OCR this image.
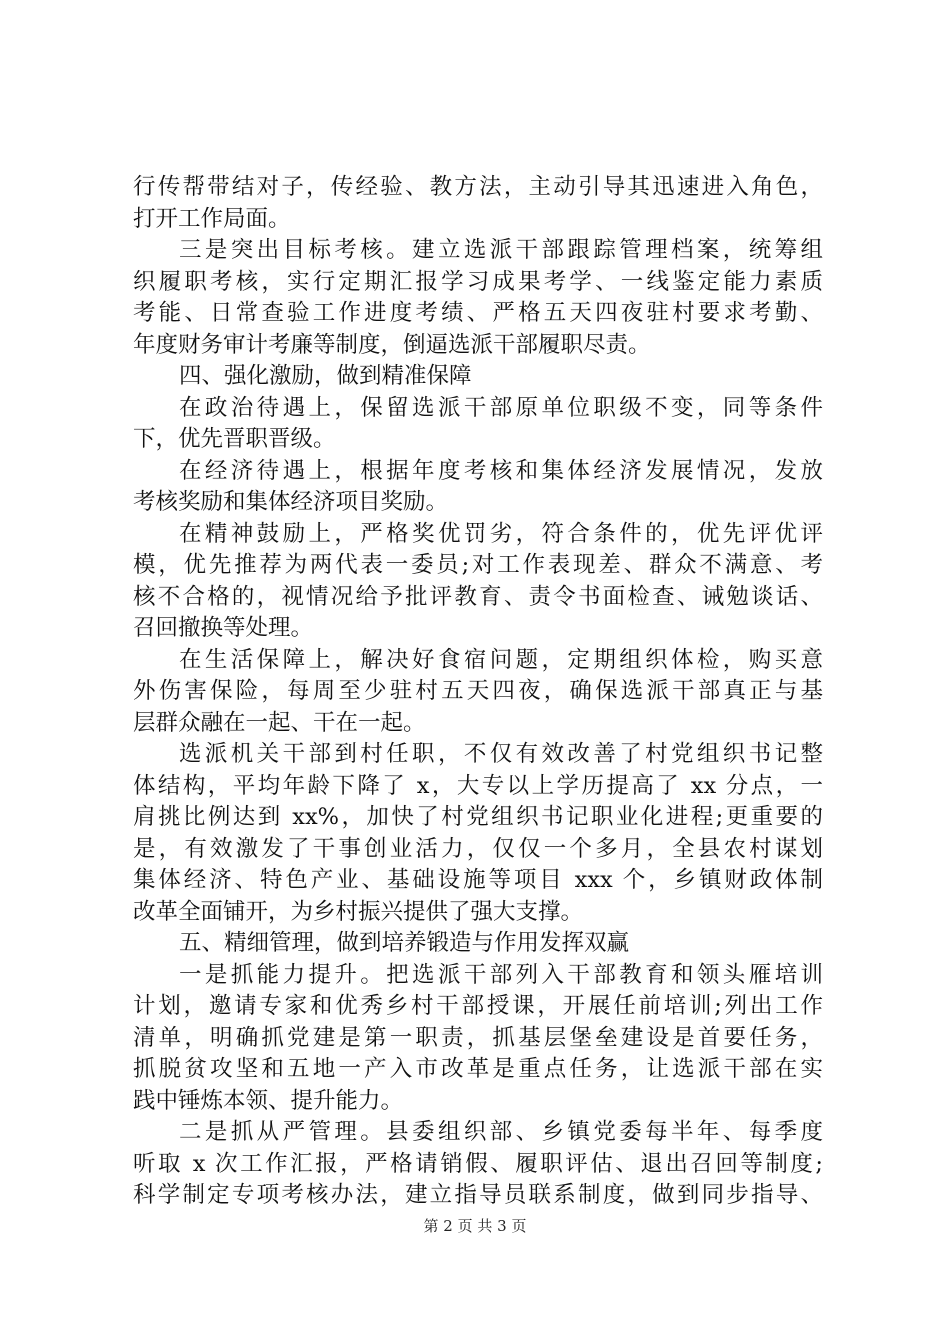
行传帮带结对子，传经验、教方法，主动引导其迅速进入角色，
打开工作局面。
三是突出目标考核。建立选派干部跟踪管理档案，统筹组
织履职考核，实行定期汇报学习成果考学、一线鉴定能力素质
考能、日常查验工作进度考绩、严格五天四夜驻村要求考勤、
年度财务审计考廉等制度，倒逼选派干部履职尽责。
四、强化激励，做到精准保障
在政治待遇上，保留选派干部原单位职级不变，同等条件
下，优先晋职晋级。
在经济待遇上，根据年度考核和集体经济发展情况，发放
考核奖励和集体经济项目奖励。
在精神鼓励上，严格奖优罚劣，符合条件的，优先评优评
模，优先推荐为两代表一委员;对工作表现差、群众不满意、考
核不合格的，视情况给予批评教育、责令书面检查、诫勉谈话、
召回撤换等处理。
在生活保障上，解决好食宿问题，定期组织体检，购买意
外伤害保险，每周至少驻村五天四夜，确保选派干部真正与基
层群众融在一起、干在一起。
选派机关干部到村任职，不仅有效改善了村党组织书记整
体结构，平均年龄下降了 x，大专以上学历提高了 xx 分点，一
肩挑比例达到 xx%，加快了村党组织书记职业化进程;更重要的
是，有效激发了干事创业活力，仅仅一个多月，全县农村谋划
集体经济、特色产业、基础设施等项目 xxx 个，乡镇财政体制
改革全面铺开，为乡村振兴提供了强大支撑。
五、精细管理，做到培养锻造与作用发挥双赢
一是抓能力提升。把选派干部列入干部教育和领头雁培训
计划，邀请专家和优秀乡村干部授课，开展任前培训;列出工作
清单，明确抓党建是第一职责，抓基层堡垒建设是首要任务，
抓脱贫攻坚和五地一产入市改革是重点任务，让选派干部在实
践中锤炼本领、提升能力。
二是抓从严管理。县委组织部、乡镇党委每半年、每季度
听取 x 次工作汇报，严格请销假、履职评估、退出召回等制度;
科学制定专项考核办法，建立指导员联系制度，做到同步指导、
第 2 页 共 3 页
